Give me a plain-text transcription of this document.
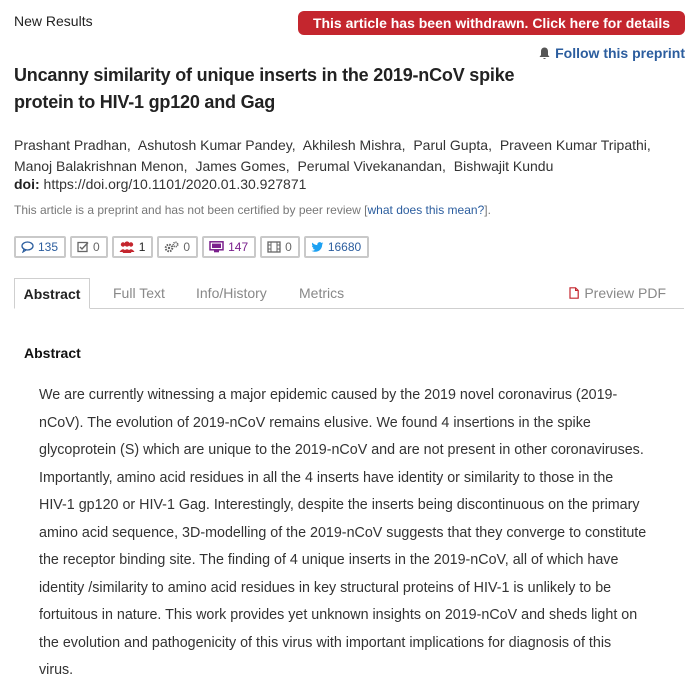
New Results	This article has been withdrawn. Click here for details
Follow this preprint
Uncanny similarity of unique inserts in the 2019-nCoV spike
protein to HIV-1 gp120 and Gag
Prashant Pradhan, Ashutosh Kumar Pandey, Akhilesh Mishra, Parul Gupta, Praveen Kumar Tripathi,
Manoj Balakrishnan Menon, James Gomes, Perumal Vivekanandan, Bishwajit Kundu
doi: https://doi.org/10.1101/2020.01.30.927871
This article is a preprint and has not been certified by peer review [what does this mean?].
135	0	1	0	147	0	16680
Abstract	Full Text Info/History Metrics	Preview PDF
Abstract
We are currently witnessing a major epidemic caused by the 2019 novel coronavirus (2019-
nCoV). The evolution of 2019-nCoV remains elusive. We found 4 insertions in the spike
glycoprotein (S) which are unique to the 2019-nCoV and are not present in other coronaviruses.
Importantly, amino acid residues in all the 4 inserts have identity or similarity to those in the
HIV-1 gp120 or HIV-1 Gag. Interestingly, despite the inserts being discontinuous on the primary
amino acid sequence, 3D-modelling of the 2019-nCoV suggests that they converge to constitute
the receptor binding site. The finding of 4 unique inserts in the 2019-nCoV, all of which have
identity /similarity to amino acid residues in key structural proteins of HIV-1 is unlikely to be
fortuitous in nature. This work provides yet unknown insights on 2019-nCoV and sheds light on
the evolution and pathogenicity of this virus with important implications for diagnosis of this
virus.
